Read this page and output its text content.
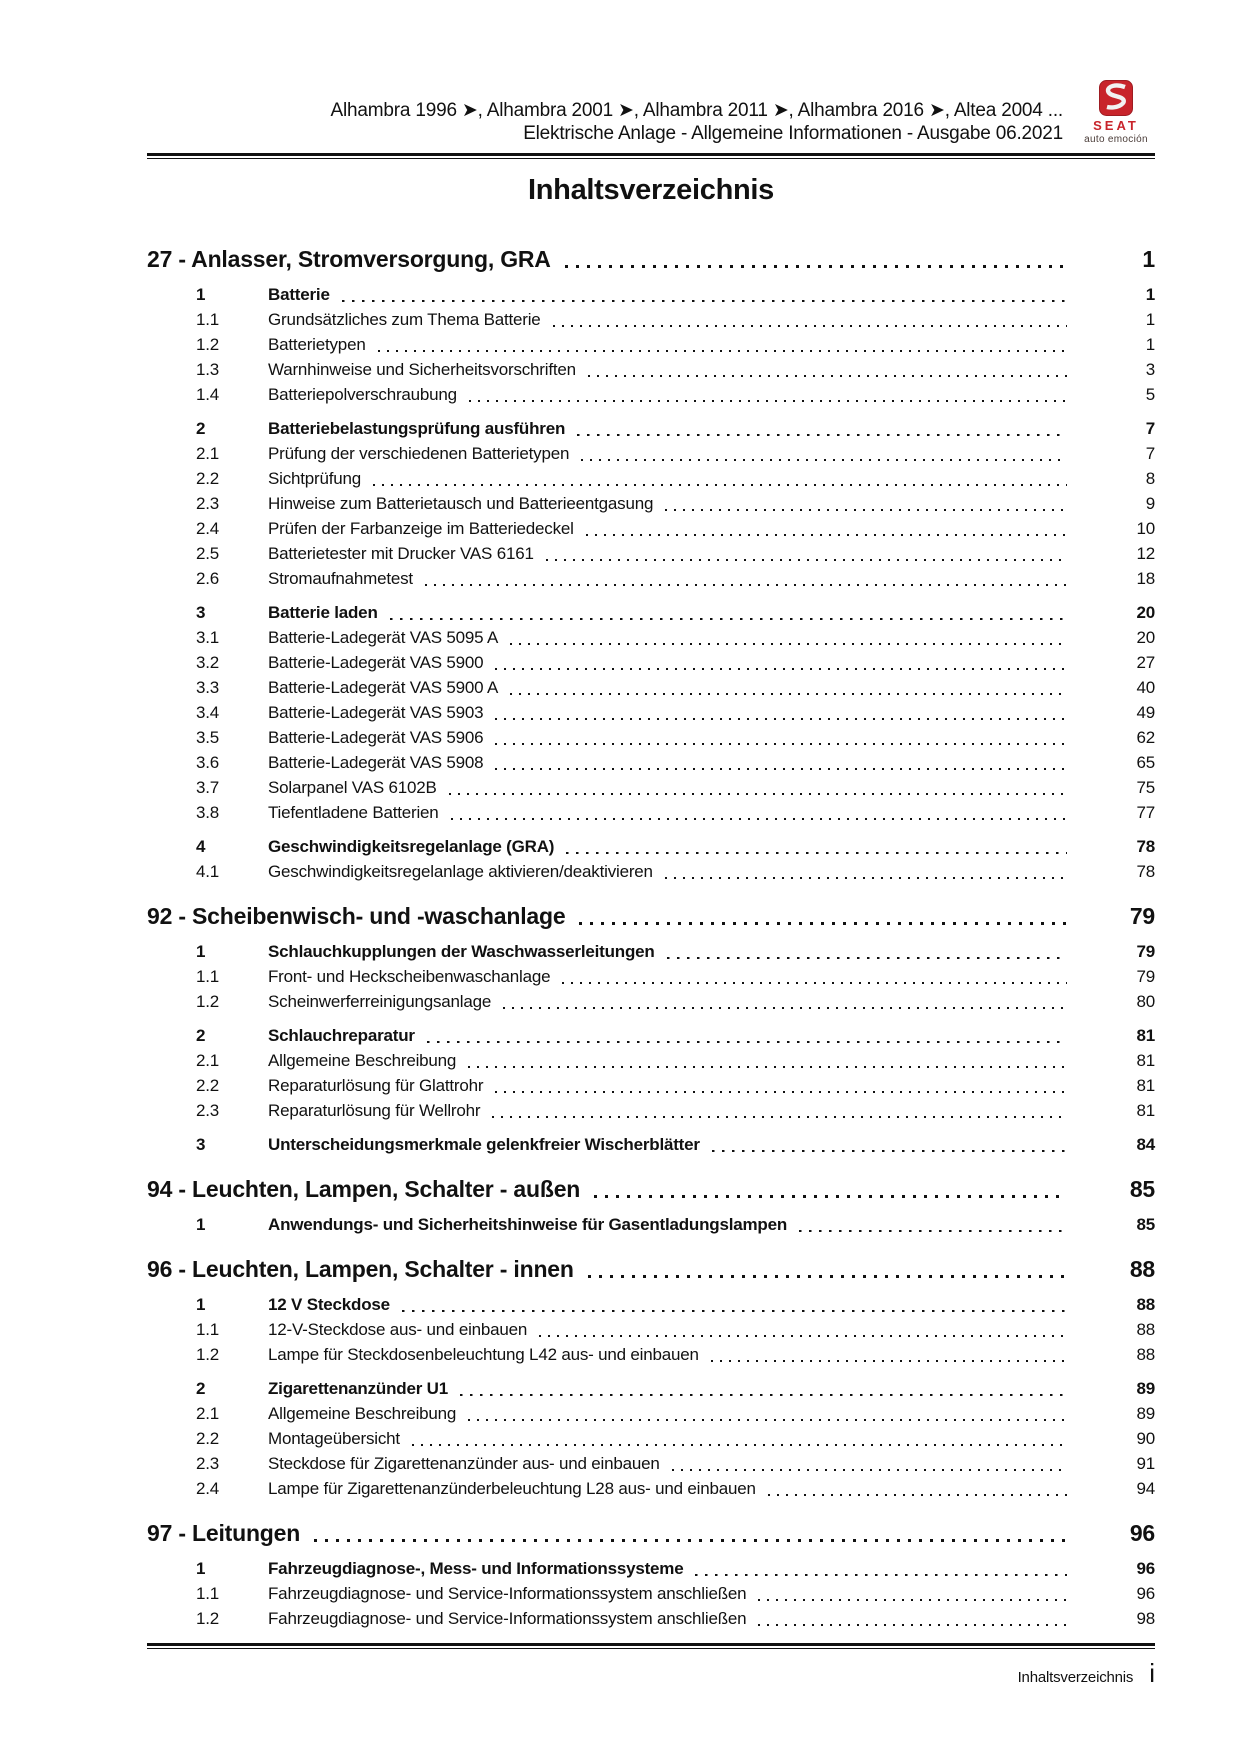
Alhambra 1996 ➤, Alhambra 2001 ➤, Alhambra 2011 ➤, Alhambra 2016 ➤, Altea 2004 ...
Elektrische Anlage - Allgemeine Informationen - Ausgabe 06.2021 SEAT
auto emoción
Inhaltsverzeichnis
27 - Anlasser, Stromversorgung, GRA	1
1	Batterie	1
1.1	Grundsätzliches zum Thema Batterie	1
1.2	Batterietypen	1
1.3	Warnhinweise und Sicherheitsvorschriften	3
1.4	Batteriepolverschraubung	5
2	Batteriebelastungsprüfung ausführen	7
2.1	Prüfung der verschiedenen Batterietypen	7
2.2	Sichtprüfung	8
2.3	Hinweise zum Batterietausch und Batterieentgasung	9
2.4	Prüfen der Farbanzeige im Batteriedeckel	10
2.5	Batterietester mit Drucker VAS 6161	12
2.6	Stromaufnahmetest	18
3	Batterie laden	20
3.1	Batterie-Ladegerät VAS 5095 A	20
3.2	Batterie-Ladegerät VAS 5900	27
3.3	Batterie-Ladegerät VAS 5900 A	40
3.4	Batterie-Ladegerät VAS 5903	49
3.5	Batterie-Ladegerät VAS 5906	62
3.6	Batterie-Ladegerät VAS 5908	65
3.7	Solarpanel VAS 6102B	75
3.8	Tiefentladene Batterien	77
4	Geschwindigkeitsregelanlage (GRA)	78
4.1	Geschwindigkeitsregelanlage aktivieren/deaktivieren	78
92 - Scheibenwisch- und -waschanlage	79
1	Schlauchkupplungen der Waschwasserleitungen	79
1.1	Front- und Heckscheibenwaschanlage	79
1.2	Scheinwerferreinigungsanlage	80
2	Schlauchreparatur	81
2.1	Allgemeine Beschreibung	81
2.2	Reparaturlösung für Glattrohr	81
2.3	Reparaturlösung für Wellrohr	81
3	Unterscheidungsmerkmale gelenkfreier Wischerblätter	84
94 - Leuchten, Lampen, Schalter - außen	85
1	Anwendungs- und Sicherheitshinweise für Gasentladungslampen	85
96 - Leuchten, Lampen, Schalter - innen	88
1	12 V Steckdose	88
1.1	12-V-Steckdose aus- und einbauen	88
1.2	Lampe für Steckdosenbeleuchtung L42 aus- und einbauen	88
2	Zigarettenanzünder U1	89
2.1	Allgemeine Beschreibung	89
2.2	Montageübersicht	90
2.3	Steckdose für Zigarettenanzünder aus- und einbauen	91
2.4	Lampe für Zigarettenanzünderbeleuchtung L28 aus- und einbauen	94
97 - Leitungen	96
1	Fahrzeugdiagnose-, Mess- und Informationssysteme	96
1.1	Fahrzeugdiagnose- und Service-Informationssystem anschließen	96
1.2	Fahrzeugdiagnose- und Service-Informationssystem anschließen	98
Inhaltsverzeichnis i
